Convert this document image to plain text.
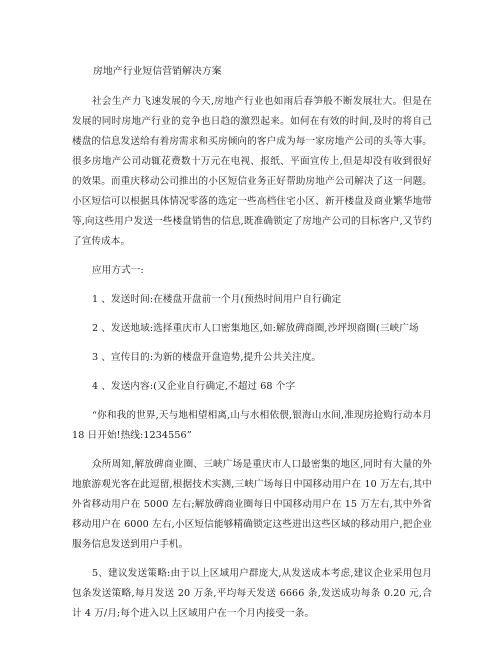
房地产行业短信营销解决方案

社会生产力飞速发展的今天,房地产行业也如雨后春笋般不断发展壮大。但是在发展的同时房地产行业的竞争也日趋的激烈起来。如何在有效的时间,及时的将自己楼盘的信息发送给有着房需求和买房倾向的客户成为每一家房地产公司的头等大事。很多房地产公司动辄花费数十万元在电视、报纸、平面宣传上,但是却没有收到很好的效果。而重庆移动公司推出的小区短信业务正好帮助房地产公司解决了这一问题。小区短信可以根据具体情况零落的选定一些高档住宅小区、新开楼盘及商业繁华地带等,向这些用户发送一些楼盘销售的信息,既准确锁定了房地产公司的目标客户,又节约了宣传成本。

应用方式一:

1 、发送时间:在楼盘开盘前一个月(预热时间用户自行确定
2 、发送地域:选择重庆市人口密集地区,如:解放碑商圈,沙坪坝商圈(三峡广场
3 、宣传目的:为新的楼盘开盘造势,提升公共关注度。
4 、发送内容:(又企业自行确定,不超过 68 个字

“你和我的世界,天与地相望相离,山与水相依偎,银海山水间,准现房抢购行动本月 18 日开始!热线:1234556”

众所周知,解放碑商业圈、三峡广场是重庆市人口最密集的地区,同时有大量的外地旅游观光客在此逗留,根据技术实测,三峡广场每日中国移动用户在 10 万左右,其中外省移动用户在 5000 左右;解放碑商业圈每日中国移动用户在 15 万左右,其中外省移动用户在 6000 左右,小区短信能够精确锁定这些进出这些区域的移动用户,把企业服务信息发送到用户手机。

5、建议发送策略:由于以上区域用户群庞大,从发送成本考虑,建议企业采用包月包条发送策略,每月发送 20 万条,平均每天发送 6666 条,发送成功每条 0.20 元,合计 4 万/月;每个进入以上区域用户在一个月内接受一条。
